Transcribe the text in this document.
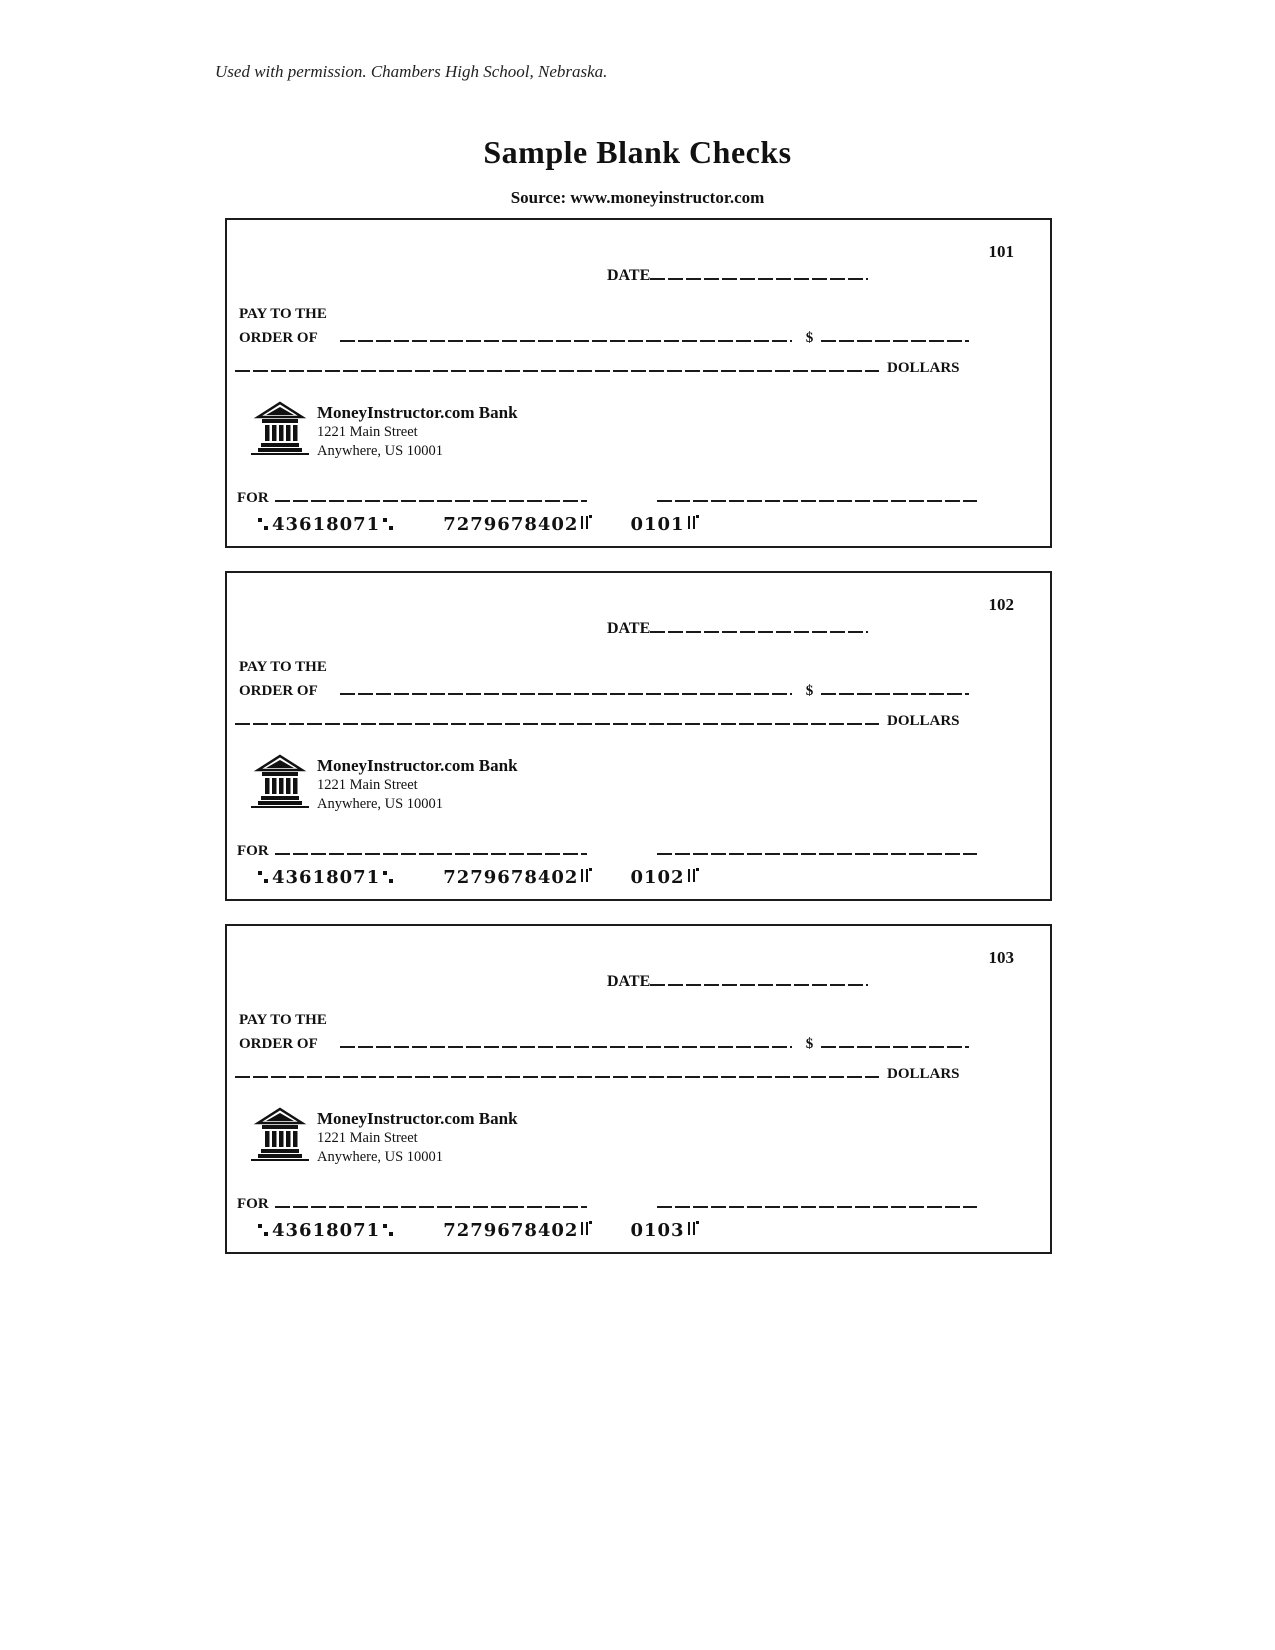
Used with permission. Chambers High School, Nebraska.
Sample Blank Checks
Source: www.moneyinstructor.com
101
DATE
PAY TO THE
ORDER OF	$
DOLLARS
MoneyInstructor.com Bank
1221 Main Street
Anywhere, US 10001
FOR
43618071	7279678402	0101
102
DATE
PAY TO THE
ORDER OF	$
DOLLARS
MoneyInstructor.com Bank
1221 Main Street
Anywhere, US 10001
FOR
43618071	7279678402	0102
103
DATE
PAY TO THE
ORDER OF	$
DOLLARS
MoneyInstructor.com Bank
1221 Main Street
Anywhere, US 10001
FOR
43618071	7279678402	0103
